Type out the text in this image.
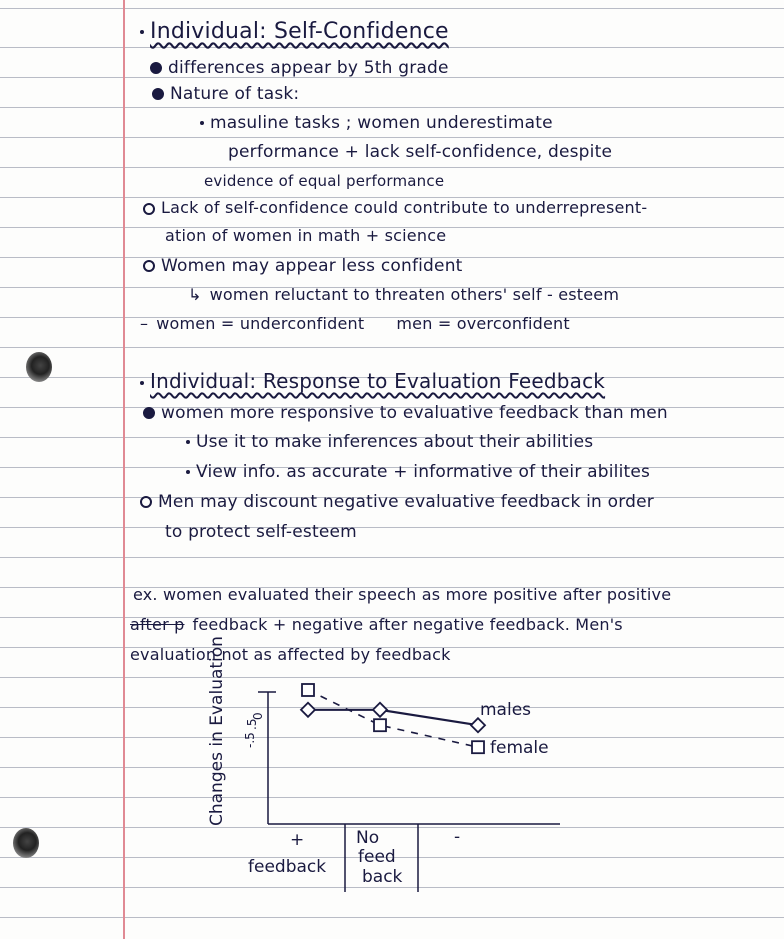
Individual: Self-Confidence
differences appear by 5th grade
Nature of task:
masuline tasks ; women underestimate
performance + lack self-confidence, despite
evidence of equal performance
Lack of self-confidence could contribute to underrepresent-
ation of women in math + science
Women may appear less confident
↳ women reluctant to threaten others' self - esteem
– women = underconfident men = overconfident
Individual: Response to Evaluation Feedback
women more responsive to evaluative feedback than men
Use it to make inferences about their abilities
View info. as accurate + informative of their abilites
Men may discount negative evaluative feedback in order
to protect self-esteem
ex. women evaluated their speech as more positive after positive
after p feedback + negative after negative feedback. Men's
evaluation not as affected by feedback
.5
0
-.5
+
feedback
No
feed
back
-
males
female
Changes in Evaluation
